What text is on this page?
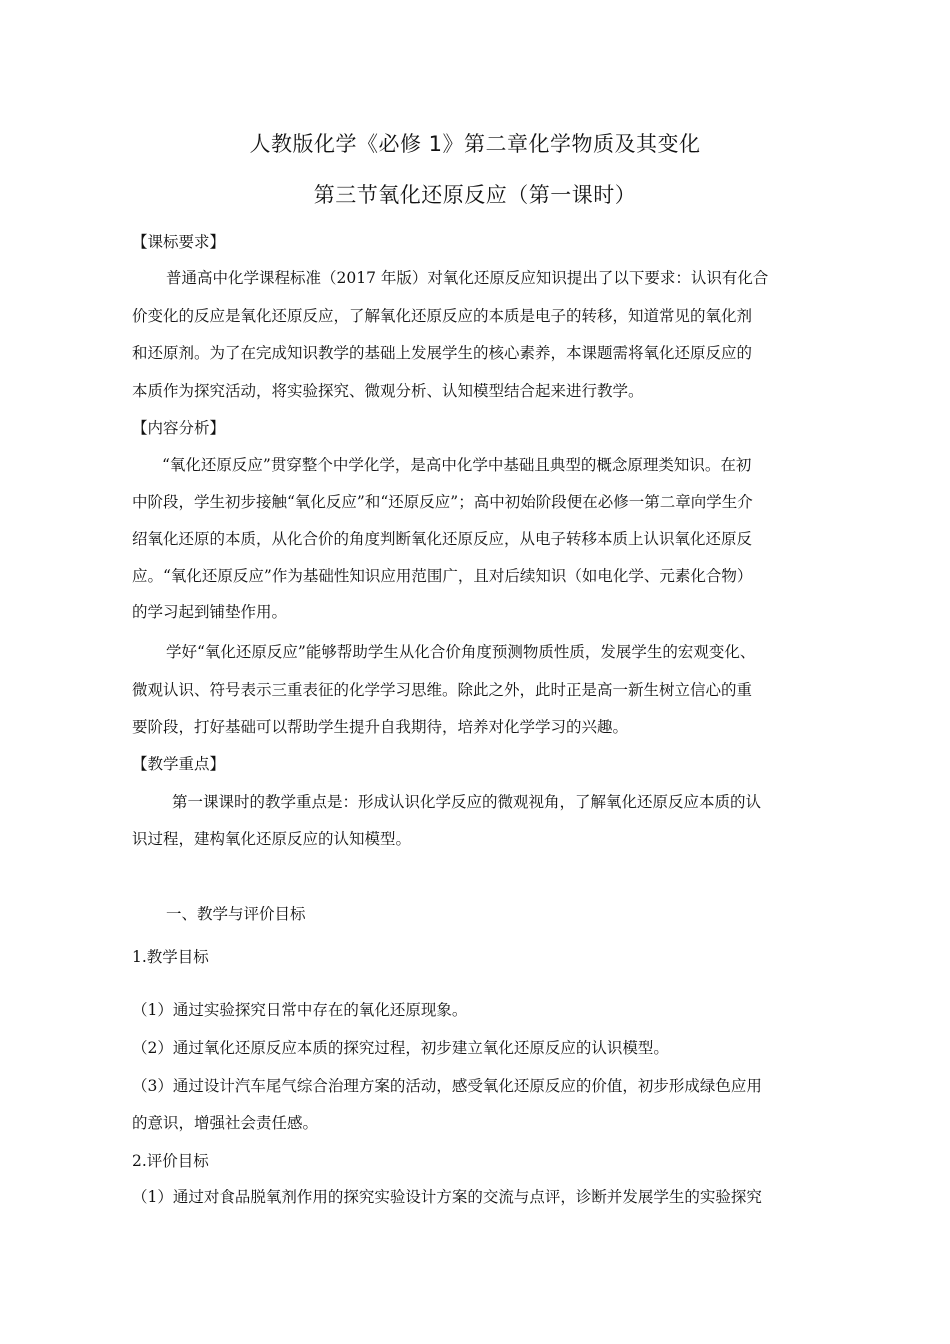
人教版化学《必修 1》第二章化学物质及其变化
第三节氧化还原反应（第一课时）
【课标要求】
普通高中化学课程标准（2017 年版）对氧化还原反应知识提出了以下要求：认识有化合
价变化的反应是氧化还原反应，了解氧化还原反应的本质是电子的转移，知道常见的氧化剂
和还原剂。为了在完成知识教学的基础上发展学生的核心素养，本课题需将氧化还原反应的
本质作为探究活动，将实验探究、微观分析、认知模型结合起来进行教学。
【内容分析】
“氧化还原反应”贯穿整个中学化学，是高中化学中基础且典型的概念原理类知识。在初
中阶段，学生初步接触“氧化反应”和“还原反应”；高中初始阶段便在必修一第二章向学生介
绍氧化还原的本质，从化合价的角度判断氧化还原反应，从电子转移本质上认识氧化还原反
应。“氧化还原反应”作为基础性知识应用范围广，且对后续知识（如电化学、元素化合物）
的学习起到铺垫作用。
学好“氧化还原反应”能够帮助学生从化合价角度预测物质性质，发展学生的宏观变化、
微观认识、符号表示三重表征的化学学习思维。除此之外，此时正是高一新生树立信心的重
要阶段，打好基础可以帮助学生提升自我期待，培养对化学学习的兴趣。
【教学重点】
第一课课时的教学重点是：形成认识化学反应的微观视角，了解氧化还原反应本质的认
识过程，建构氧化还原反应的认知模型。
一、教学与评价目标
1.教学目标
（1）通过实验探究日常中存在的氧化还原现象。
（2）通过氧化还原反应本质的探究过程，初步建立氧化还原反应的认识模型。
（3）通过设计汽车尾气综合治理方案的活动，感受氧化还原反应的价值，初步形成绿色应用
的意识，增强社会责任感。
2.评价目标
（1）通过对食品脱氧剂作用的探究实验设计方案的交流与点评，诊断并发展学生的实验探究
